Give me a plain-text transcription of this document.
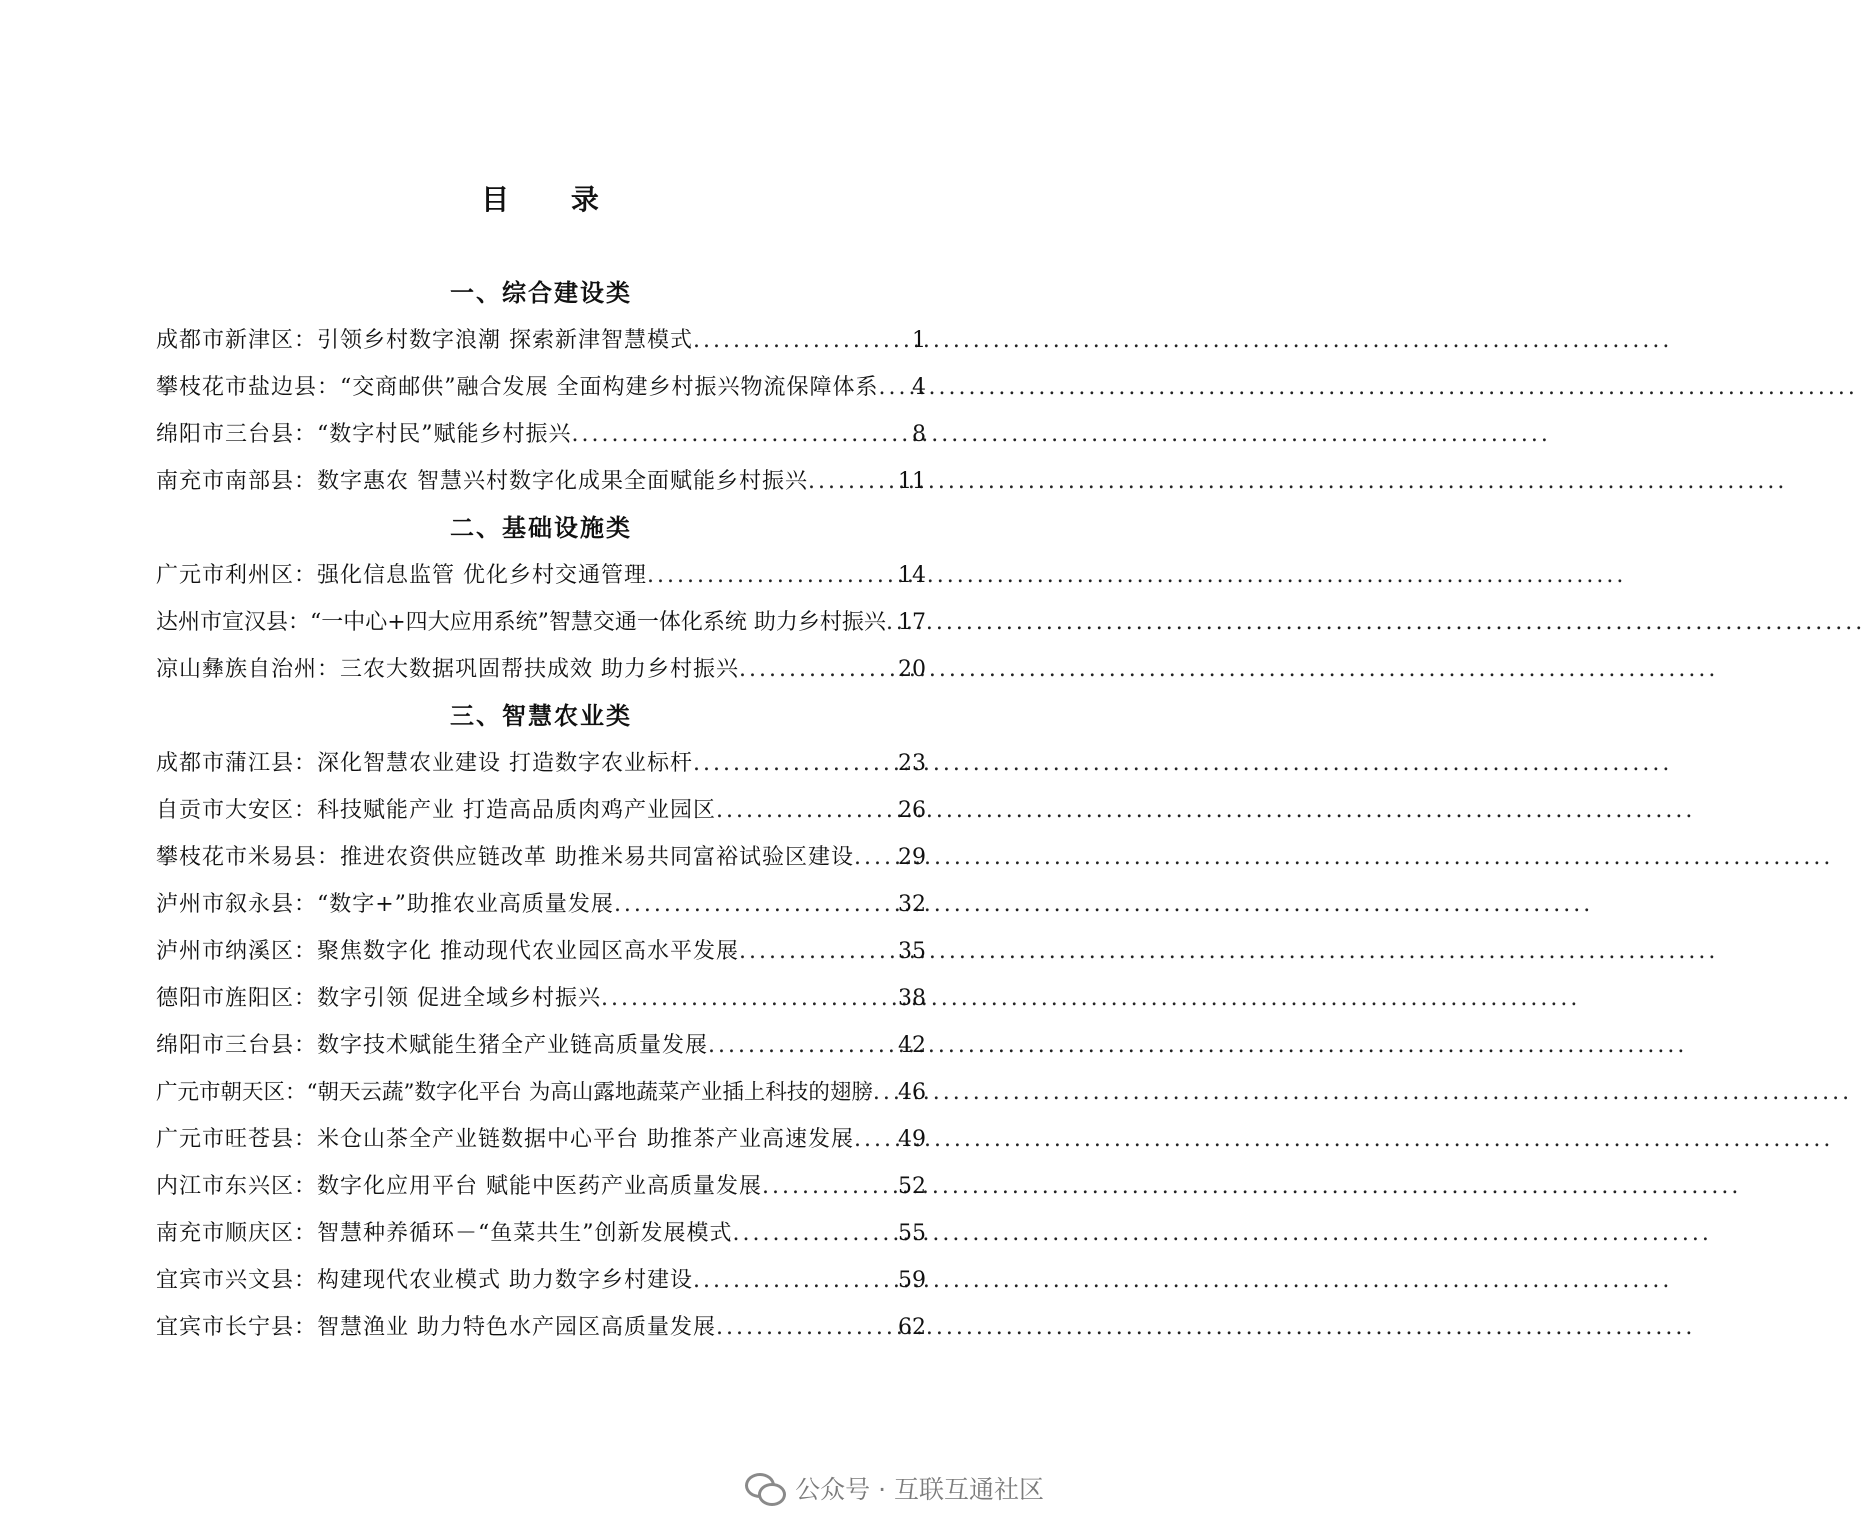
目 录
一、综合建设类
成都市新津区：引领乡村数字浪潮 探索新津智慧模式 .....	1
攀枝花市盐边县：“交商邮供”融合发展 全面构建乡村振兴物流保障体系 ..... 4
绵阳市三台县：“数字村民”赋能乡村振兴 .....	8
南充市南部县：数字惠农 智慧兴村数字化成果全面赋能乡村振兴 .....	11
二、基础设施类
广元市利州区：强化信息监管 优化乡村交通管理 .....	14
达州市宣汉县：“一中心+四大应用系统”智慧交通一体化系统 助力乡村振兴 ..... 17
凉山彝族自治州：三农大数据巩固帮扶成效 助力乡村振兴 .....	20
三、智慧农业类
成都市蒲江县：深化智慧农业建设 打造数字农业标杆 .....	23
自贡市大安区：科技赋能产业 打造高品质肉鸡产业园区 .....	26
攀枝花市米易县：推进农资供应链改革 助推米易共同富裕试验区建设 ..... 29
泸州市叙永县：“数字+”助推农业高质量发展 .....	32
泸州市纳溪区：聚焦数字化 推动现代农业园区高水平发展 .....	35
德阳市旌阳区：数字引领 促进全域乡村振兴 .....	38
绵阳市三台县：数字技术赋能生猪全产业链高质量发展 .....	42
广元市朝天区：“朝天云蔬”数字化平台 为高山露地蔬菜产业插上科技的翅膀 ..... 46
广元市旺苍县：米仓山茶全产业链数据中心平台 助推茶产业高速发展 ..... 49
内江市东兴区：数字化应用平台 赋能中医药产业高质量发展 .....	52
南充市顺庆区：智慧种养循环－“鱼菜共生”创新发展模式 .....	55
宜宾市兴文县：构建现代农业模式 助力数字乡村建设 .....	59
宜宾市长宁县：智慧渔业 助力特色水产园区高质量发展 .....	62
公众号 · 互联互通社区
